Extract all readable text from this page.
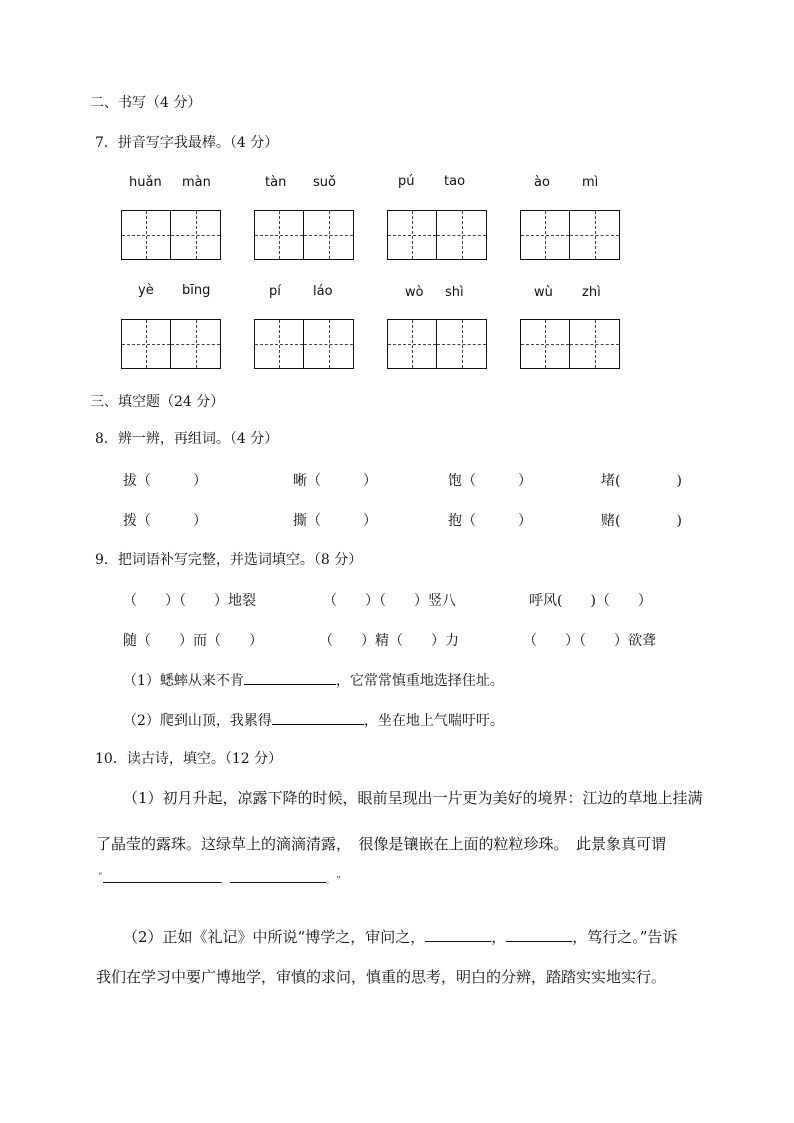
二、书写（4 分）
7．拼音写字我最棒。（4 分）
huǎn màn	tàn suǒ	pú tao	ào mì
yè bīng	pí láo	wò shì	wù zhì
三、填空题（24 分）
8．辨一辨，再组词。（4 分）
拔（　　　）	晰（　　　）	饱（　　　）	堵(　　　　)
拨（　　　）	撕（　　　）	抱（　　　）	赌(　　　　)
9．把词语补写完整，并选词填空。（8 分）
（　　）（　　）地裂	（　　）（　　）竖八	呼风(　　)（　　）
随（　　）而（　　）	（　　）精（　　）力	（　　）（　　）欲聋
（1）蟋蟀从来不肯	，它常常慎重地选择住址。
（2）爬到山顶，我累得	，坐在地上气喘吁吁。
10．读古诗，填空。（12 分）
（1）初月升起，凉露下降的时候，眼前呈现出一片更为美好的境界：江边的草地上挂满
了晶莹的露珠。这绿草上的滴滴清露，　很像是镶嵌在上面的粒粒珍珠。　此景象真可谓
“	，	。”
（2）正如《礼记》中所说“博学之，审问之，	，	，笃行之。”告诉
我们在学习中要广博地学，审慎的求问，慎重的思考，明白的分辨，踏踏实实地实行。
